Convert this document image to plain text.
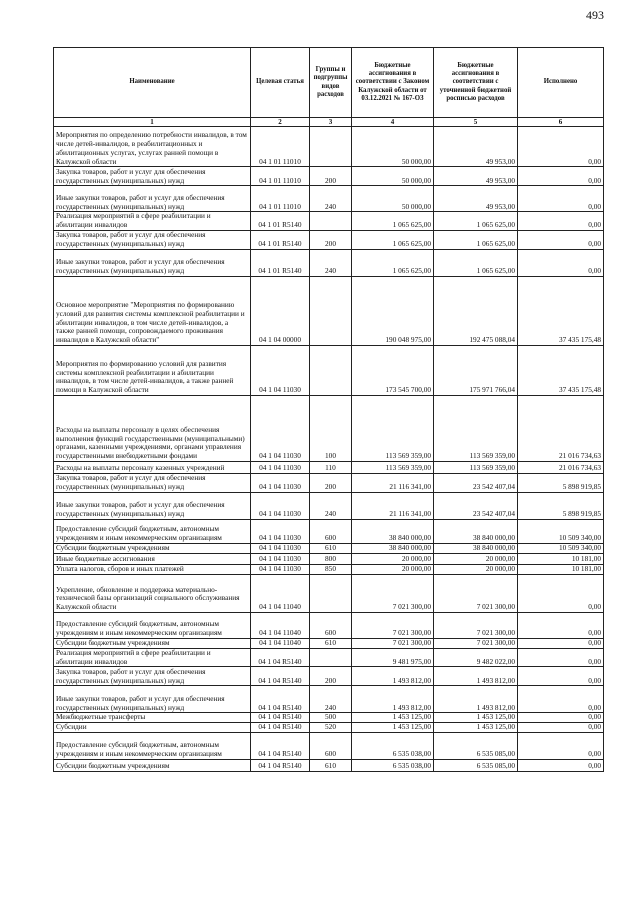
493
Наименование	Целевая статья	Группы и подгруппы видов расходов	Бюджетные ассигнования в соответствии с Законом Калужской области от 03.12.2021 № 167-ОЗ	Бюджетные ассигнования в соответствии с уточненной бюджетной росписью расходов	Исполнено
1	2	3	4	5	6
Мероприятия по определению потребности инвалидов, в том числе детей-инвалидов, в реабилитационных и абилитационных услугах, услугах ранней помощи в Калужской области	04 1 01 11010		50 000,00	49 953,00	0,00
Закупка товаров, работ и услуг для обеспечения государственных (муниципальных) нужд	04 1 01 11010	200	50 000,00	49 953,00	0,00
Иные закупки товаров, работ и услуг для обеспечения государственных (муниципальных) нужд	04 1 01 11010	240	50 000,00	49 953,00	0,00
Реализация мероприятий в сфере реабилитации и абилитации инвалидов	04 1 01 R5140		1 065 625,00	1 065 625,00	0,00
Закупка товаров, работ и услуг для обеспечения государственных (муниципальных) нужд	04 1 01 R5140	200	1 065 625,00	1 065 625,00	0,00
Иные закупки товаров, работ и услуг для обеспечения государственных (муниципальных) нужд	04 1 01 R5140	240	1 065 625,00	1 065 625,00	0,00
Основное мероприятие "Мероприятия по формированию условий для развития системы комплексной реабилитации и абилитации инвалидов, в том числе детей-инвалидов, а также ранней помощи, сопровождаемого проживания инвалидов в Калужской области"	04 1 04 00000		190 048 975,00	192 475 088,04	37 435 175,48
Мероприятия по формированию условий для развития системы комплексной реабилитации и абилитации инвалидов, в том числе детей-инвалидов, а также ранней помощи в Калужской области	04 1 04 11030		173 545 700,00	175 971 766,04	37 435 175,48
Расходы на выплаты персоналу в целях обеспечения выполнения функций государственными (муниципальными) органами, казенными учреждениями, органами управления государственными внебюджетными фондами	04 1 04 11030	100	113 569 359,00	113 569 359,00	21 016 734,63
Расходы на выплаты персоналу казенных учреждений	04 1 04 11030	110	113 569 359,00	113 569 359,00	21 016 734,63
Закупка товаров, работ и услуг для обеспечения государственных (муниципальных) нужд	04 1 04 11030	200	21 116 341,00	23 542 407,04	5 898 919,85
Иные закупки товаров, работ и услуг для обеспечения государственных (муниципальных) нужд	04 1 04 11030	240	21 116 341,00	23 542 407,04	5 898 919,85
Предоставление субсидий бюджетным, автономным учреждениям и иным некоммерческим организациям	04 1 04 11030	600	38 840 000,00	38 840 000,00	10 509 340,00
Субсидии бюджетным учреждениям	04 1 04 11030	610	38 840 000,00	38 840 000,00	10 509 340,00
Иные бюджетные ассигнования	04 1 04 11030	800	20 000,00	20 000,00	10 181,00
Уплата налогов, сборов и иных платежей	04 1 04 11030	850	20 000,00	20 000,00	10 181,00
Укрепление, обновление и поддержка материально-технической базы организаций социального обслуживания Калужской области	04 1 04 11040		7 021 300,00	7 021 300,00	0,00
Предоставление субсидий бюджетным, автономным учреждениям и иным некоммерческим организациям	04 1 04 11040	600	7 021 300,00	7 021 300,00	0,00
Субсидии бюджетным учреждениям	04 1 04 11040	610	7 021 300,00	7 021 300,00	0,00
Реализация мероприятий в сфере реабилитации и абилитации инвалидов	04 1 04 R5140		9 481 975,00	9 482 022,00	0,00
Закупка товаров, работ и услуг для обеспечения государственных (муниципальных) нужд	04 1 04 R5140	200	1 493 812,00	1 493 812,00	0,00
Иные закупки товаров, работ и услуг для обеспечения государственных (муниципальных) нужд	04 1 04 R5140	240	1 493 812,00	1 493 812,00	0,00
Межбюджетные трансферты	04 1 04 R5140	500	1 453 125,00	1 453 125,00	0,00
Субсидии	04 1 04 R5140	520	1 453 125,00	1 453 125,00	0,00
Предоставление субсидий бюджетным, автономным учреждениям и иным некоммерческим организациям	04 1 04 R5140	600	6 535 038,00	6 535 085,00	0,00
Субсидии бюджетным учреждениям	04 1 04 R5140	610	6 535 038,00	6 535 085,00	0,00
